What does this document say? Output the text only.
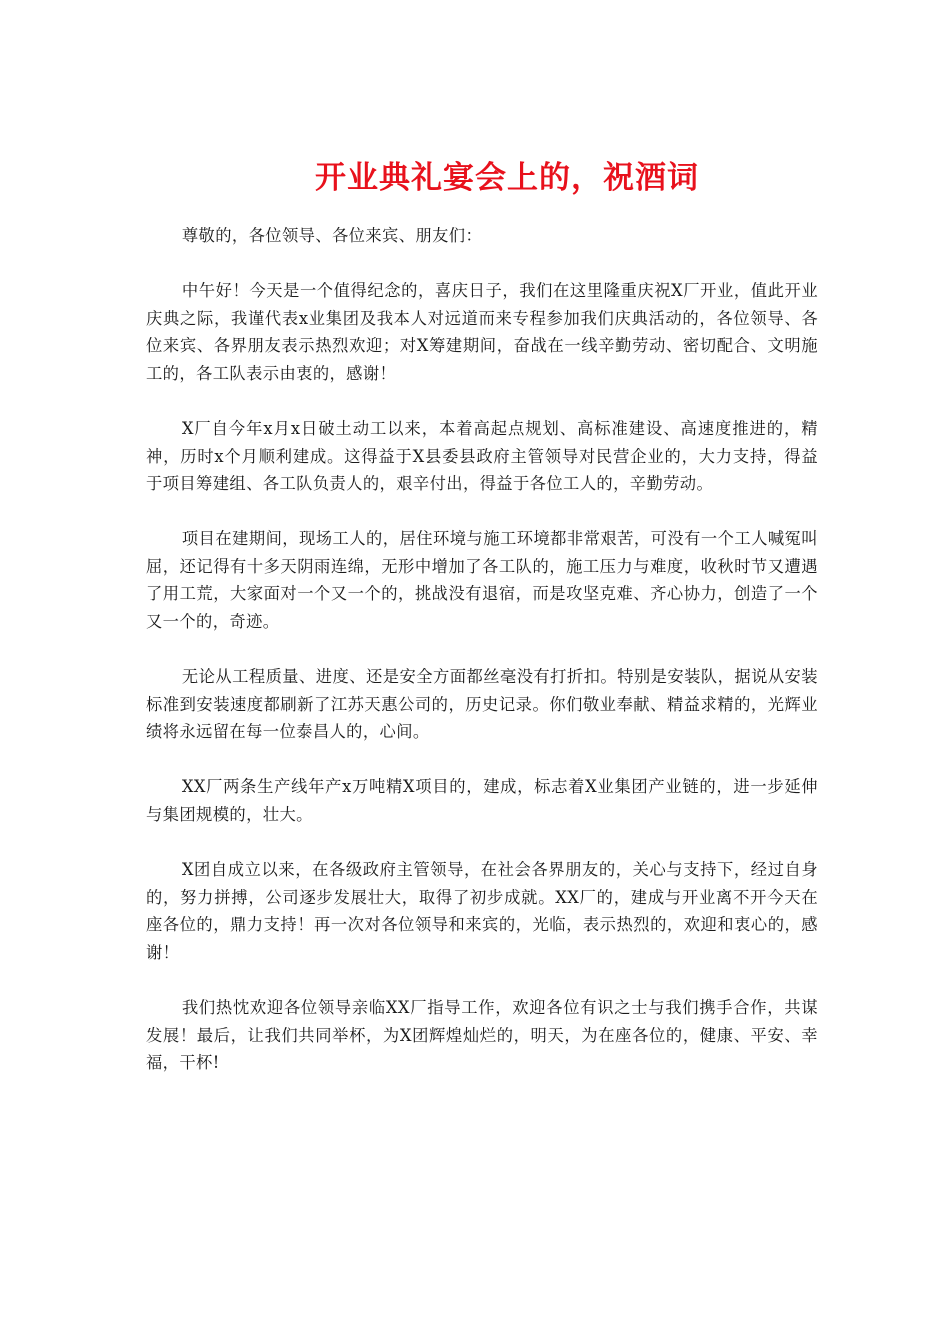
开业典礼宴会上的，祝酒词

尊敬的，各位领导、各位来宾、朋友们：

中午好！今天是一个值得纪念的，喜庆日子，我们在这里隆重庆祝X厂开业，值此开业庆典之际，我谨代表x业集团及我本人对远道而来专程参加我们庆典活动的，各位领导、各位来宾、各界朋友表示热烈欢迎；对X筹建期间，奋战在一线辛勤劳动、密切配合、文明施工的，各工队表示由衷的，感谢！

X厂自今年x月x日破土动工以来，本着高起点规划、高标准建设、高速度推进的，精神，历时x个月顺利建成。这得益于X县委县政府主管领导对民营企业的，大力支持，得益于项目筹建组、各工队负责人的，艰辛付出，得益于各位工人的，辛勤劳动。

项目在建期间，现场工人的，居住环境与施工环境都非常艰苦，可没有一个工人喊冤叫屈，还记得有十多天阴雨连绵，无形中增加了各工队的，施工压力与难度，收秋时节又遭遇了用工荒，大家面对一个又一个的，挑战没有退宿，而是攻坚克难、齐心协力，创造了一个又一个的，奇迹。

无论从工程质量、进度、还是安全方面都丝毫没有打折扣。特别是安装队，据说从安装标准到安装速度都刷新了江苏天惠公司的，历史记录。你们敬业奉献、精益求精的，光辉业绩将永远留在每一位泰昌人的，心间。

XX厂两条生产线年产x万吨精X项目的，建成，标志着X业集团产业链的，进一步延伸与集团规模的，壮大。

X团自成立以来，在各级政府主管领导，在社会各界朋友的，关心与支持下，经过自身的，努力拼搏，公司逐步发展壮大，取得了初步成就。XX厂的，建成与开业离不开今天在座各位的，鼎力支持！再一次对各位领导和来宾的，光临，表示热烈的，欢迎和衷心的，感谢！

我们热忱欢迎各位领导亲临XX厂指导工作，欢迎各位有识之士与我们携手合作，共谋发展！最后，让我们共同举杯，为X团辉煌灿烂的，明天，为在座各位的，健康、平安、幸福，干杯!
